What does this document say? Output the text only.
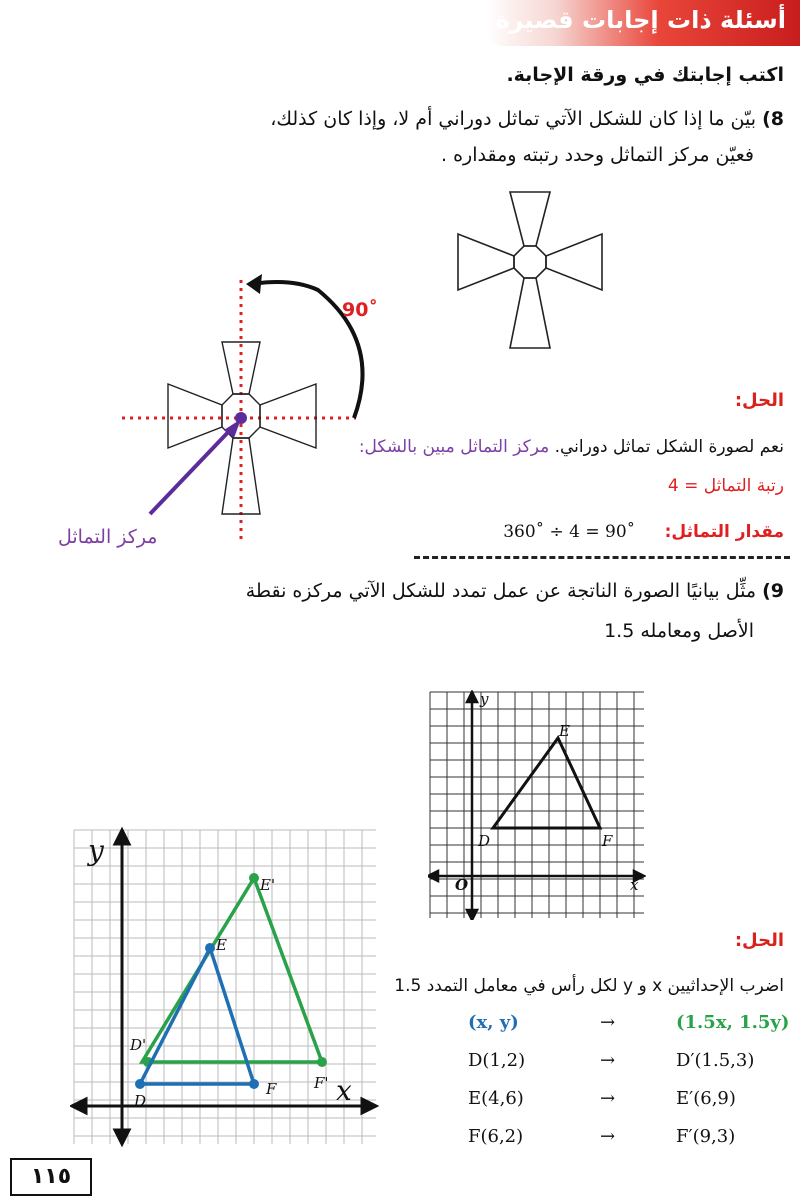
أسئلة ذات إجابات قصيرة
اكتب إجابتك في ورقة الإجابة.
8) بيّن ما إذا كان للشكل الآتي تماثل دوراني أم لا، وإذا كان كذلك،
فعيّن مركز التماثل وحدد رتبته ومقداره .
90˚
مركز التماثل
الحل:
نعم لصورة الشكل تماثل دوراني. مركز التماثل مبين بالشكل:
رتبة التماثل = 4
مقدار التماثل: 360˚ ÷ 4 = 90˚
9) مثِّل بيانيًا الصورة الناتجة عن عمل تمدد للشكل الآتي مركزه نقطة
الأصل ومعامله 1.5
y
x
O
D
E
F
y
x
D
E
F
D'
E'
F'
الحل:
اضرب الإحداثيين x و y لكل رأس في معامل التمدد 1.5
(x, y)	→	(1.5x, 1.5y)
D(1,2)	→	D′(1.5,3)
E(4,6)	→	E′(6,9)
F(6,2)	→	F′(9,3)
١١٥
